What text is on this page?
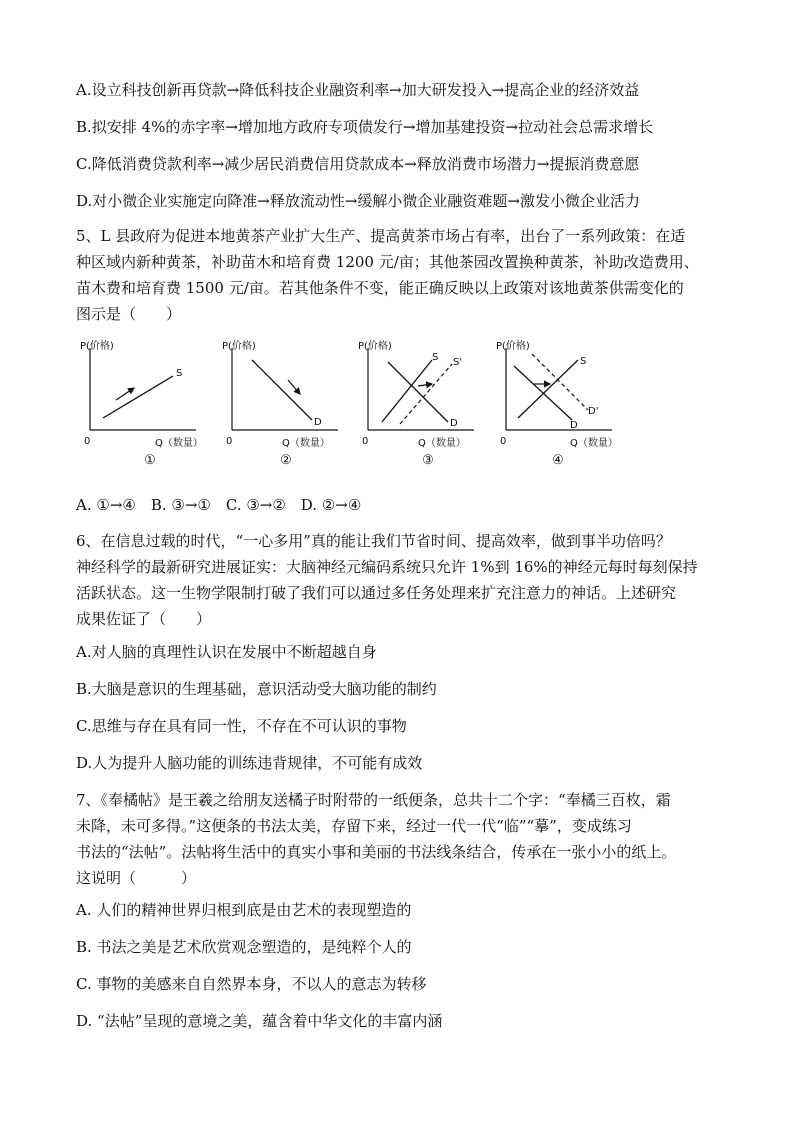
A.设立科技创新再贷款→降低科技企业融资利率→加大研发投入→提高企业的经济效益
B.拟安排 4%的赤字率→增加地方政府专项债发行→增加基建投资→拉动社会总需求增长
C.降低消费贷款利率→减少居民消费信用贷款成本→释放消费市场潜力→提振消费意愿
D.对小微企业实施定向降准→释放流动性→缓解小微企业融资难题→激发小微企业活力
5、L 县政府为促进本地黄茶产业扩大生产、提高黄茶市场占有率，出台了一系列政策：在适
种区域内新种黄茶，补助苗木和培育费 1200 元/亩；其他茶园改置换种黄茶，补助改造费用、
苗木费和培育费 1500 元/亩。若其他条件不变，能正确反映以上政策对该地黄茶供需变化的
图示是（　　）
P(价格)
Q（数量）
0
S
①
P(价格)
Q（数量）
0
D
②
P(价格)
Q（数量）
0
S S'
D
③
P(价格)
Q（数量）
0
S
D
D'
④
A. ①→④　B. ③→①　C. ③→②　D. ②→④
6、在信息过载的时代，“一心多用”真的能让我们节省时间、提高效率，做到事半功倍吗？
神经科学的最新研究进展证实：大脑神经元编码系统只允许 1%到 16%的神经元每时每刻保持
活跃状态。这一生物学限制打破了我们可以通过多任务处理来扩充注意力的神话。上述研究
成果佐证了（　　）
A.对人脑的真理性认识在发展中不断超越自身
B.大脑是意识的生理基础，意识活动受大脑功能的制约
C.思维与存在具有同一性，不存在不可认识的事物
D.人为提升人脑功能的训练违背规律，不可能有成效
7、《奉橘帖》是王羲之给朋友送橘子时附带的一纸便条，总共十二个字：“奉橘三百枚，霜
未降，未可多得。”这便条的书法太美，存留下来，经过一代一代“临”“摹”，变成练习
书法的“法帖”。法帖将生活中的真实小事和美丽的书法线条结合，传承在一张小小的纸上。
这说明（　　　）
A. 人们的精神世界归根到底是由艺术的表现塑造的
B. 书法之美是艺术欣赏观念塑造的，是纯粹个人的
C. 事物的美感来自自然界本身，不以人的意志为转移
D. “法帖”呈现的意境之美，蕴含着中华文化的丰富内涵
